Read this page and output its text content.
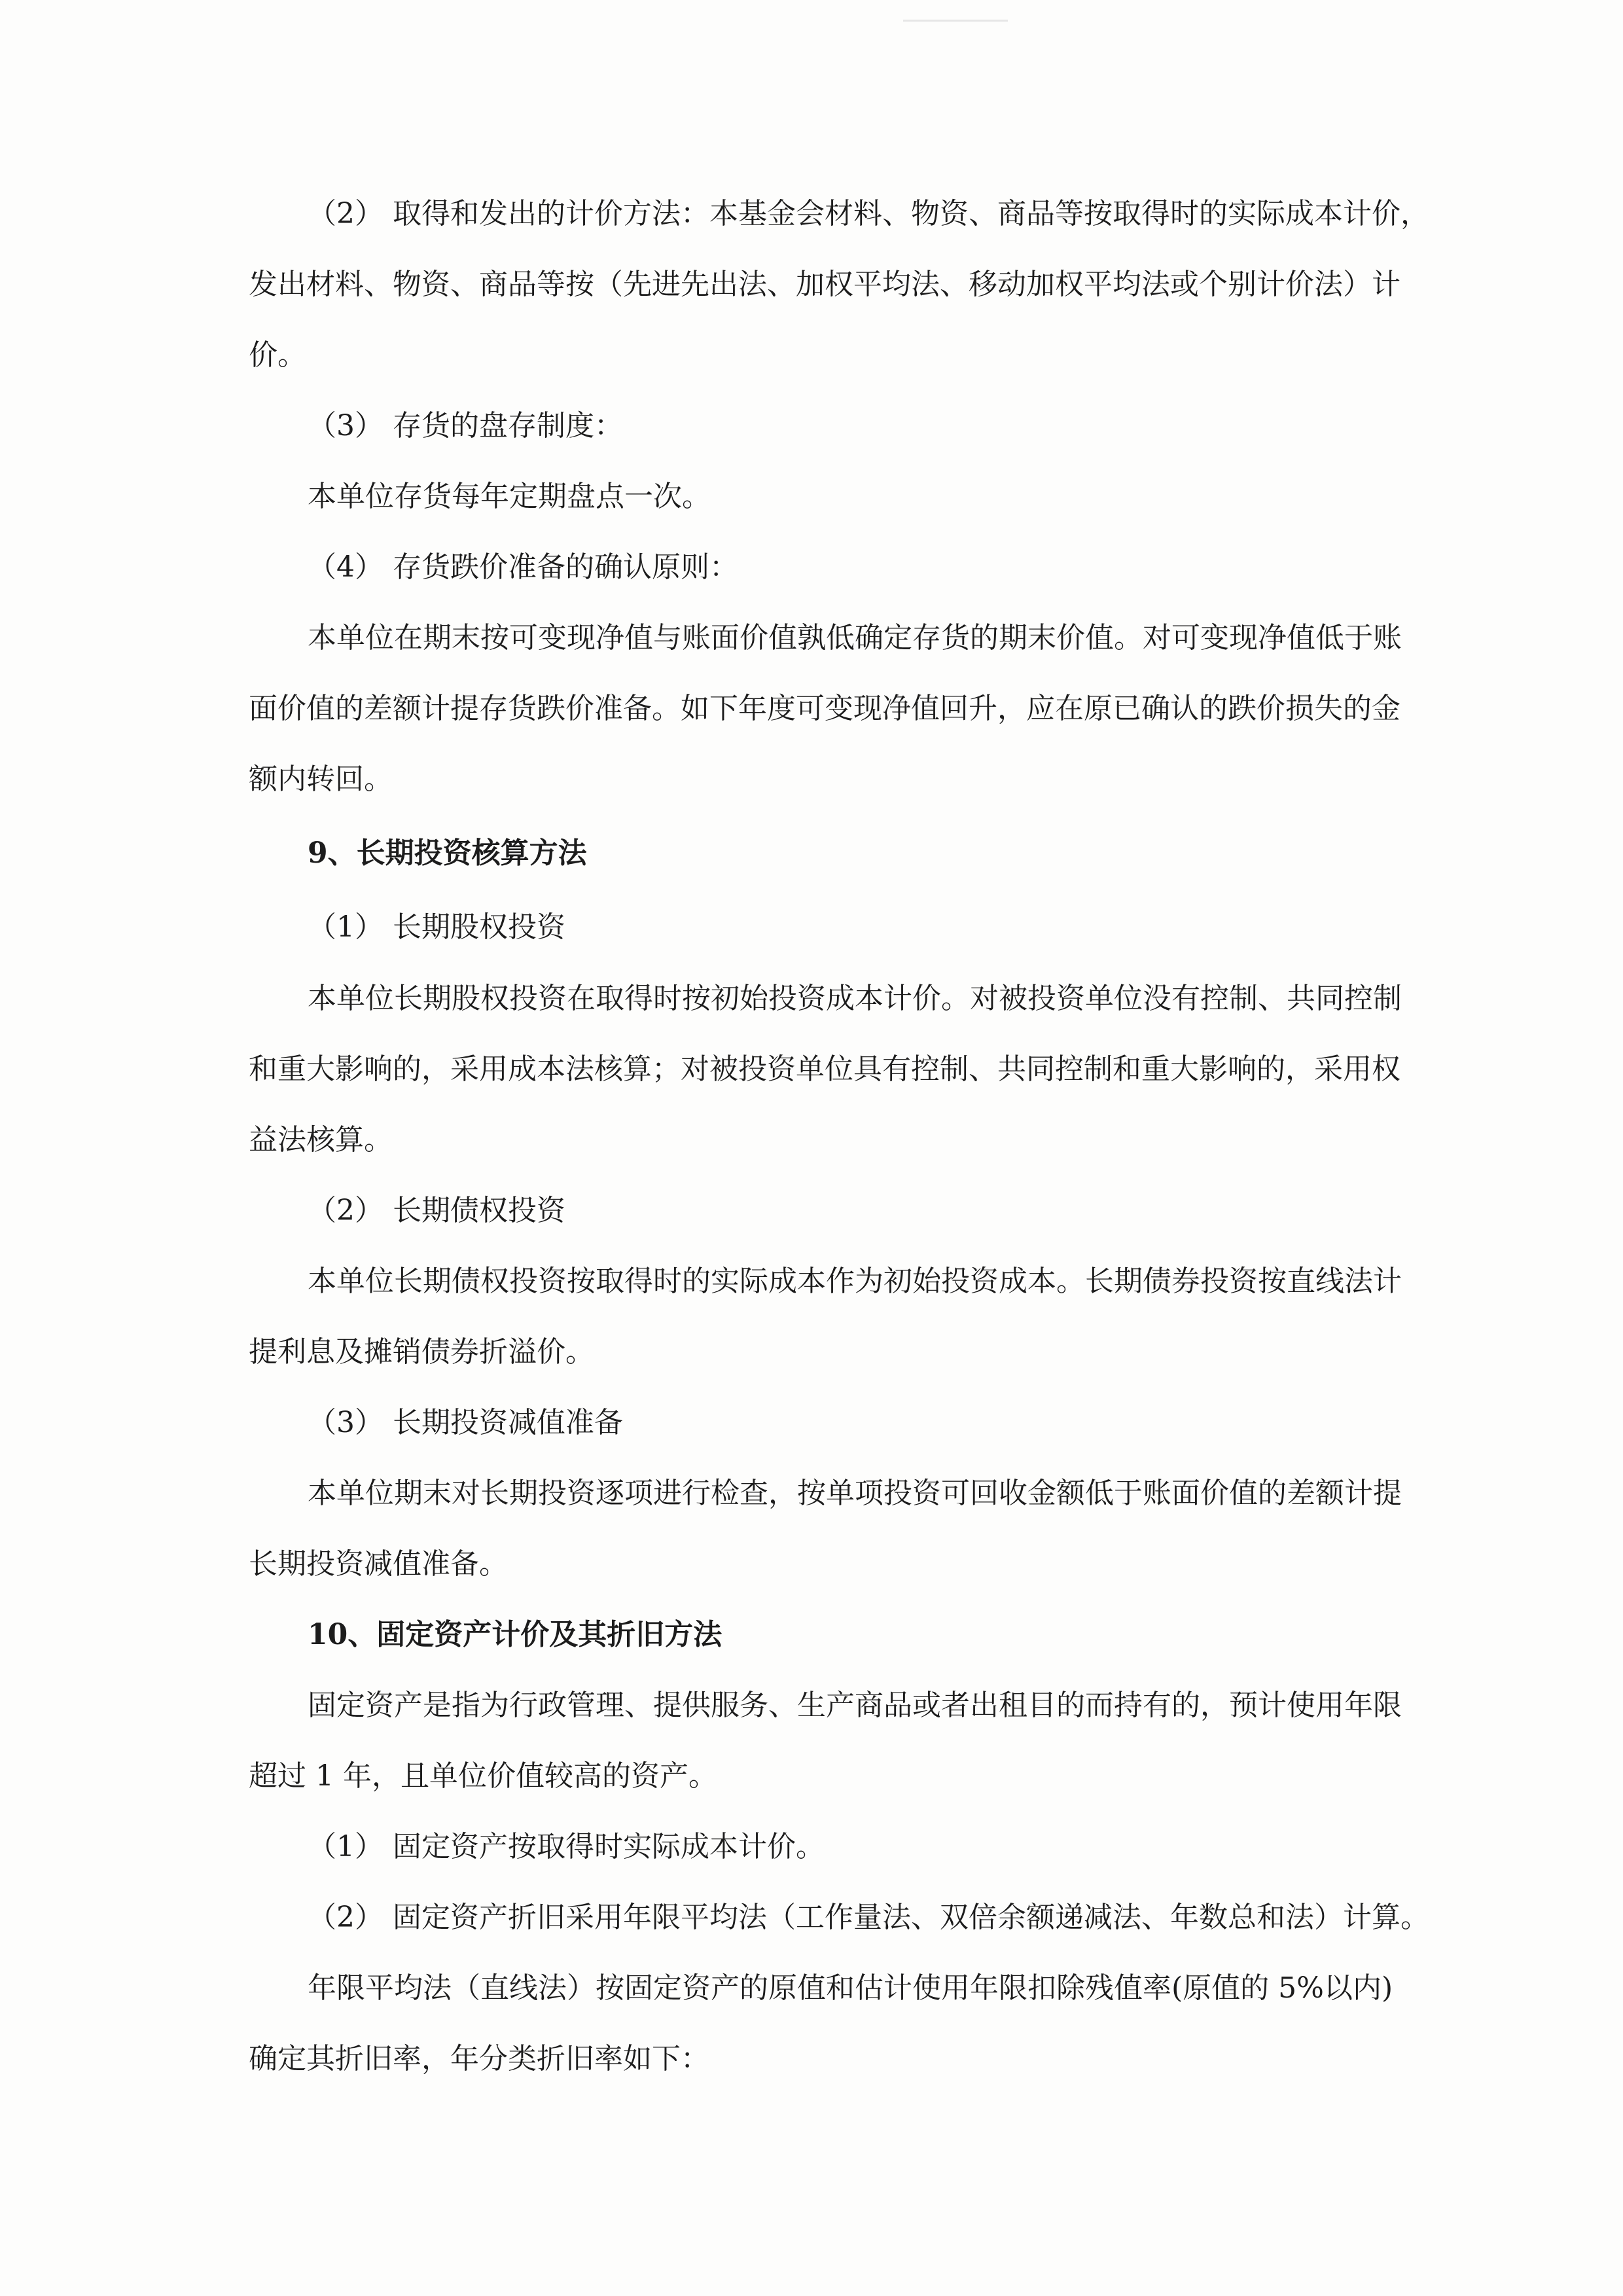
（2） 取得和发出的计价方法：本基金会材料、物资、商品等按取得时的实际成本计价，

发出材料、物资、商品等按（先进先出法、加权平均法、移动加权平均法或个别计价法）计

价。

（3） 存货的盘存制度：

本单位存货每年定期盘点一次。

（4） 存货跌价准备的确认原则：

本单位在期末按可变现净值与账面价值孰低确定存货的期末价值。对可变现净值低于账

面价值的差额计提存货跌价准备。如下年度可变现净值回升，应在原已确认的跌价损失的金

额内转回。

9、长期投资核算方法

（1） 长期股权投资

本单位长期股权投资在取得时按初始投资成本计价。对被投资单位没有控制、共同控制

和重大影响的，采用成本法核算；对被投资单位具有控制、共同控制和重大影响的，采用权

益法核算。

（2） 长期债权投资

本单位长期债权投资按取得时的实际成本作为初始投资成本。长期债券投资按直线法计

提利息及摊销债券折溢价。

（3） 长期投资减值准备

本单位期末对长期投资逐项进行检查，按单项投资可回收金额低于账面价值的差额计提

长期投资减值准备。

10、固定资产计价及其折旧方法

固定资产是指为行政管理、提供服务、生产商品或者出租目的而持有的，预计使用年限

超过 1 年，且单位价值较高的资产。

（1） 固定资产按取得时实际成本计价。

（2） 固定资产折旧采用年限平均法（工作量法、双倍余额递减法、年数总和法）计算。

年限平均法（直线法）按固定资产的原值和估计使用年限扣除残值率(原值的 5%以内)

确定其折旧率，年分类折旧率如下：
